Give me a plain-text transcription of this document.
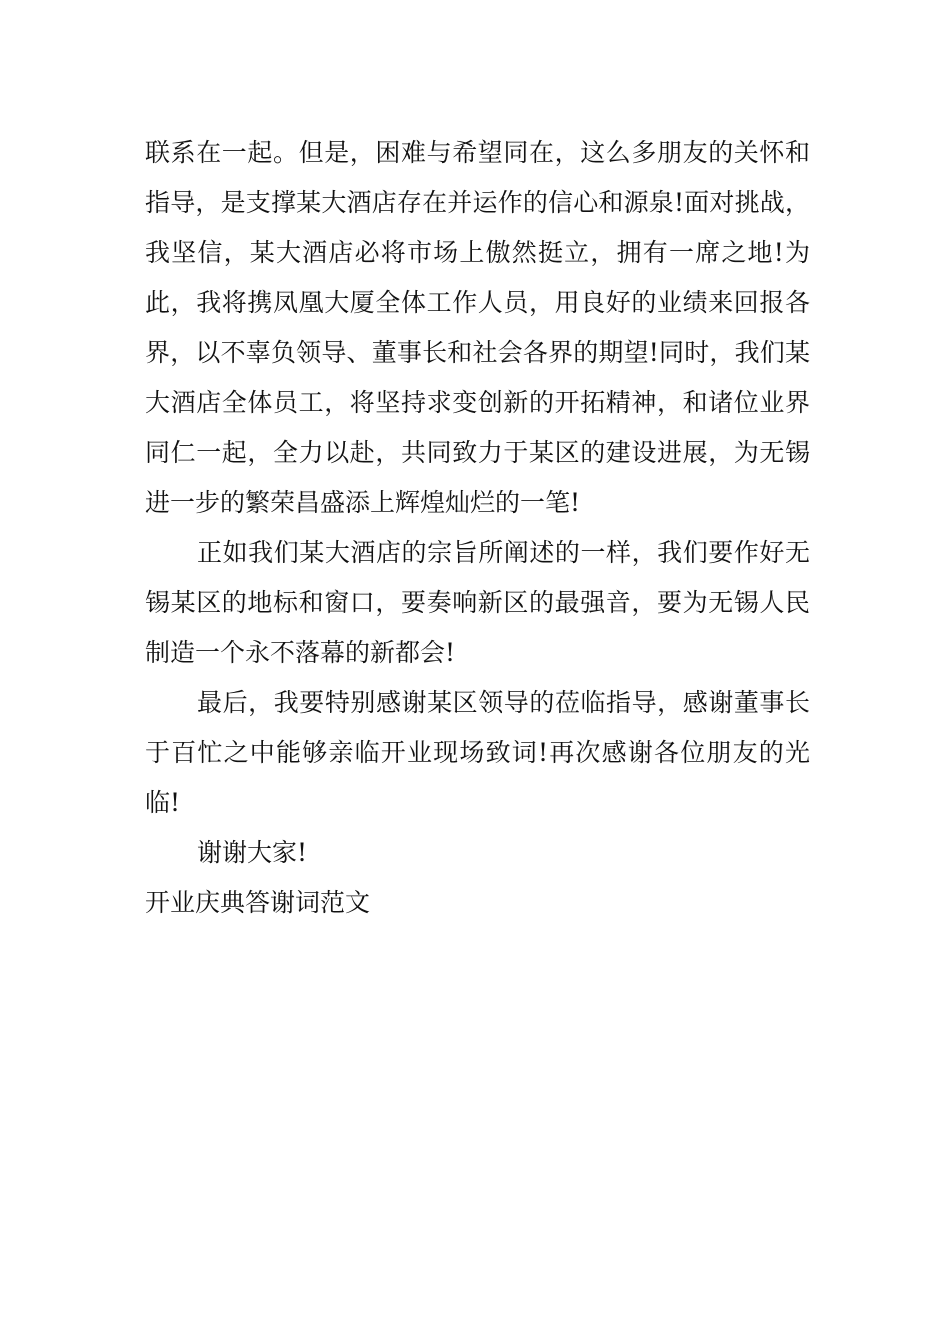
联系在一起。但是，困难与希望同在，这么多朋友的关怀和指导，是支撑某大酒店存在并运作的信心和源泉!面对挑战，我坚信，某大酒店必将市场上傲然挺立，拥有一席之地!为此，我将携凤凰大厦全体工作人员，用良好的业绩来回报各界，以不辜负领导、董事长和社会各界的期望!同时，我们某大酒店全体员工，将坚持求变创新的开拓精神，和诸位业界同仁一起，全力以赴，共同致力于某区的建设进展，为无锡进一步的繁荣昌盛添上辉煌灿烂的一笔!

正如我们某大酒店的宗旨所阐述的一样，我们要作好无锡某区的地标和窗口，要奏响新区的最强音，要为无锡人民制造一个永不落幕的新都会!

最后，我要特别感谢某区领导的莅临指导，感谢董事长于百忙之中能够亲临开业现场致词!再次感谢各位朋友的光临!

谢谢大家!

开业庆典答谢词范文
